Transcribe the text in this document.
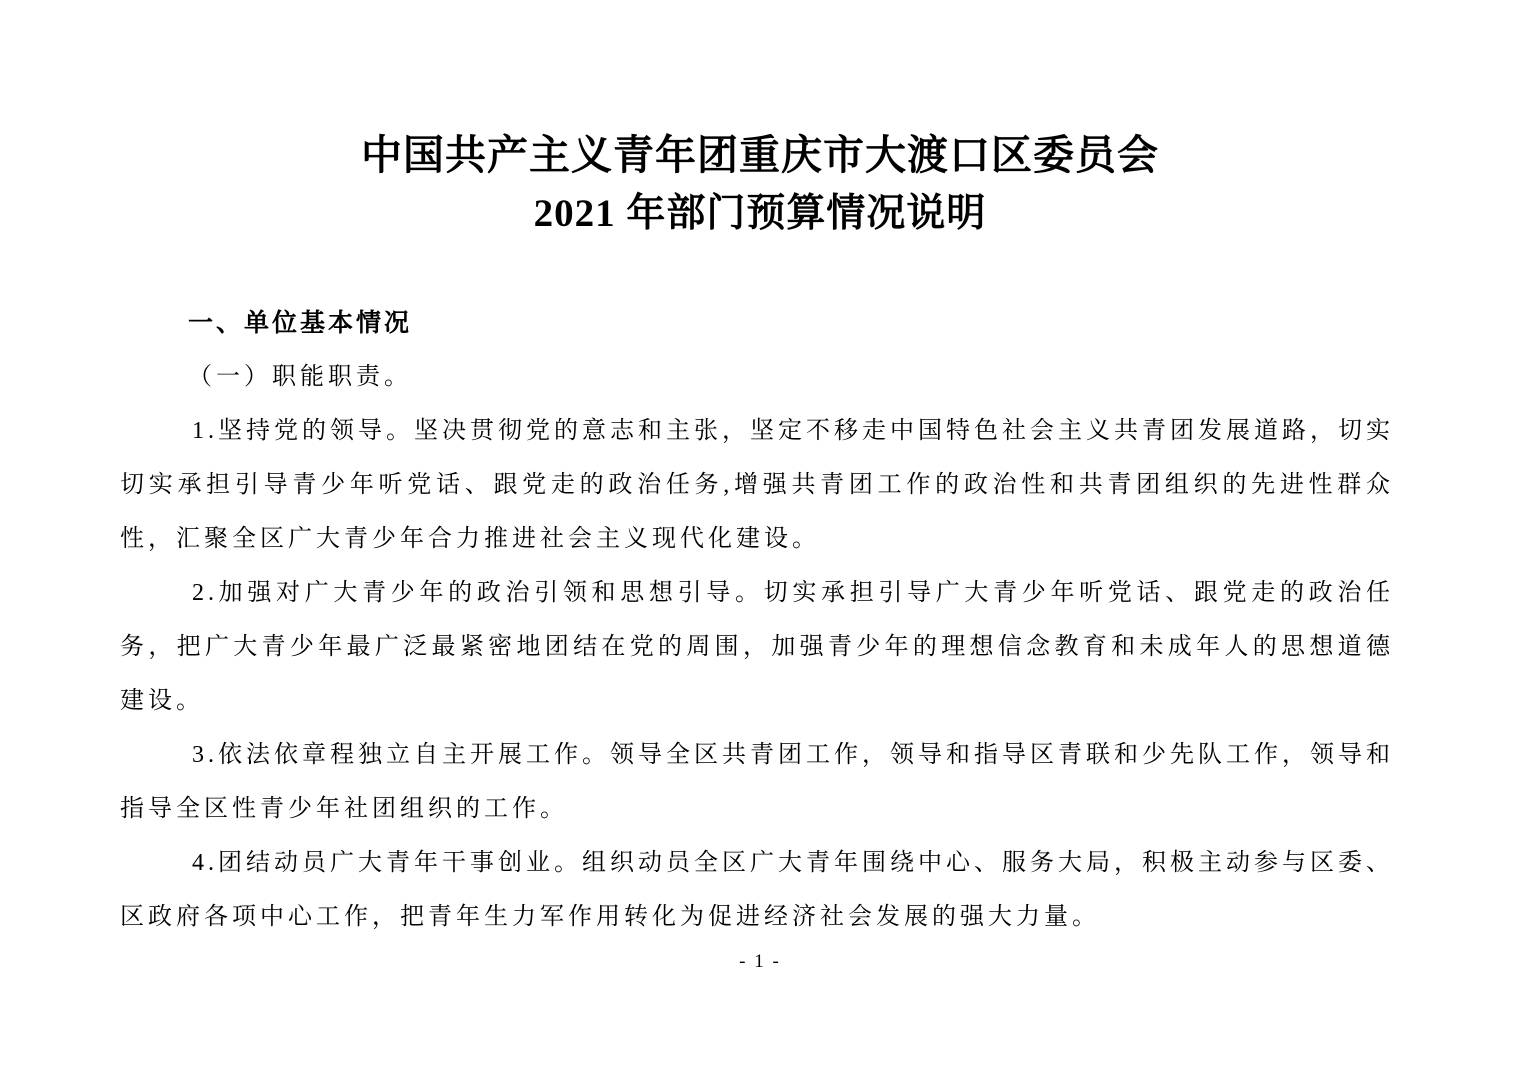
中国共产主义青年团重庆市大渡口区委员会
2021 年部门预算情况说明
一、单位基本情况

（一）职能职责。

1.坚持党的领导。坚决贯彻党的意志和主张，坚定不移走中国特色社会主义共青团发展道路，切实切实承担引导青少年听党话、跟党走的政治任务,增强共青团工作的政治性和共青团组织的先进性群众性，汇聚全区广大青少年合力推进社会主义现代化建设。

2.加强对广大青少年的政治引领和思想引导。切实承担引导广大青少年听党话、跟党走的政治任务，把广大青少年最广泛最紧密地团结在党的周围，加强青少年的理想信念教育和未成年人的思想道德建设。

3.依法依章程独立自主开展工作。领导全区共青团工作，领导和指导区青联和少先队工作，领导和指导全区性青少年社团组织的工作。

4.团结动员广大青年干事创业。组织动员全区广大青年围绕中心、服务大局，积极主动参与区委、区政府各项中心工作，把青年生力军作用转化为促进经济社会发展的强大力量。

- 1 -
